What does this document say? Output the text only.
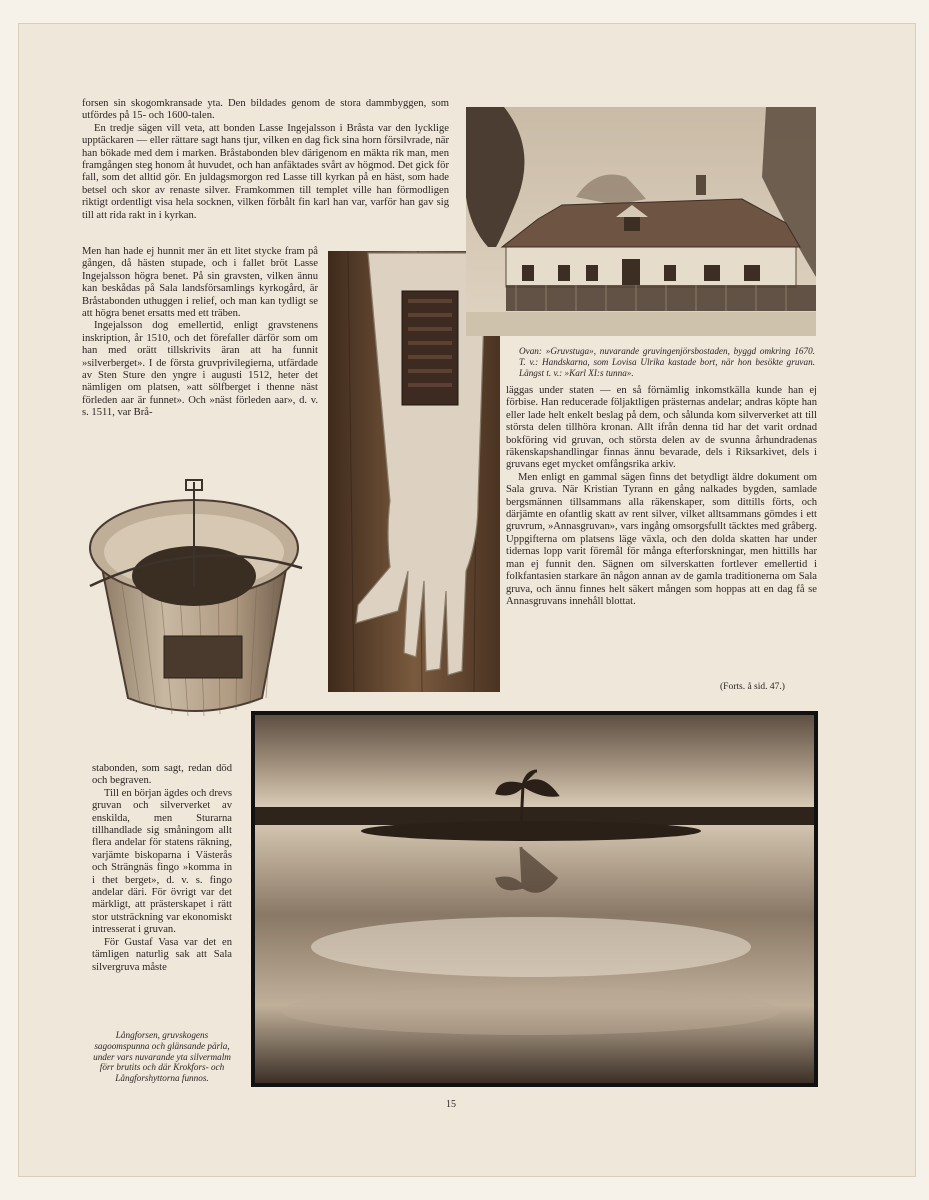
forsen sin skogomkransade yta. Den bildades genom de stora dammbyggen, som utfördes på 15- och 1600-talen.

En tredje sägen vill veta, att bonden Lasse Ingejalsson i Bråsta var den lycklige upptäckaren — eller rättare sagt hans tjur, vilken en dag fick sina horn försilvrade, när han bökade med dem i marken. Bråstabonden blev därigenom en mäkta rik man, men framgången steg honom åt huvudet, och han anfäktades svårt av högmod. Det gick för fall, som det alltid gör. En juldagsmorgon red Lasse till kyrkan på en häst, som hade betsel och skor av renaste silver. Framkommen till templet ville han förmodligen riktigt ordentligt visa hela socknen, vilken förbålt fin karl han var, varför han gav sig till att rida rakt in i kyrkan.

Men han hade ej hunnit mer än ett litet stycke fram på gången, då hästen stupade, och i fallet bröt Lasse Ingejalsson högra benet. På sin gravsten, vilken ännu kan beskådas på Sala landsförsamlings kyrkogård, är Bråstabonden uthuggen i relief, och man kan tydligt se att högra benet ersatts med ett träben.

Ingejalsson dog emellertid, enligt gravstenens inskription, år 1510, och det förefaller därför som om han med orätt tillskrivits äran att ha funnit »silverberget». I de första gruvprivilegierna, utfärdade av Sten Sture den yngre i augusti 1512, heter det nämligen om platsen, »att sölfberget i thenne näst förleden aar är funnet». Och »näst förleden aar», d. v. s. 1511, var Brå-

Ovan: »Gruvstuga», nuvarande gruvingenjörsbostaden, byggd omkring 1670. T. v.: Handskarna, som Lovisa Ulrika kastade bort, när hon besökte gruvan. Längst t. v.: »Karl XI:s tunna».

läggas under staten — en så förnämlig inkomstkälla kunde han ej förbise. Han reducerade följaktligen prästernas andelar; andras köpte han eller lade helt enkelt beslag på dem, och sålunda kom silververket att till största delen tillhöra kronan. Allt ifrån denna tid har det varit ordnad bokföring vid gruvan, och största delen av de svunna århundradenas räkenskapshandlingar finnas ännu bevarade, dels i Riksarkivet, dels i gruvans eget mycket omfångsrika arkiv.

Men enligt en gammal sägen finns det betydligt äldre dokument om Sala gruva. När Kristian Tyrann en gång nalkades bygden, samlade bergsmännen tillsammans alla räkenskaper, som dittills förts, och därjämte en ofantlig skatt av rent silver, vilket alltsammans gömdes i ett gruvrum, »Annasgruvan», vars ingång omsorgsfullt täcktes med gråberg. Uppgifterna om platsens läge växla, och den dolda skatten har under tidernas lopp varit föremål för många efterforskningar, men hittills har man ej funnit den. Sägnen om silverskatten fortlever emellertid i folkfantasien starkare än någon annan av de gamla traditionerna om Sala gruva, och ännu finnes helt säkert mången som hoppas att en dag få se Annasgruvans innehåll blottat.

(Forts. å sid. 47.)

stabonden, som sagt, redan död och begraven.

Till en början ägdes och drevs gruvan och silververket av enskilda, men Sturarna tillhandlade sig småningom allt flera andelar för statens räkning, varjämte biskoparna i Västerås och Strängnäs fingo »komma in i thet berget», d. v. s. fingo andelar däri. För övrigt var det märkligt, att prästerskapet i rätt stor utsträckning var ekonomiskt intresserat i gruvan.

För Gustaf Vasa var det en tämligen naturlig sak att Sala silvergruva måste

Långforsen, gruvskogens sagoomspunna och glänsande pärla, under vars nuvarande yta silvermalm förr brutits och där Krokfors- och Långforshyttorna funnos.

15
